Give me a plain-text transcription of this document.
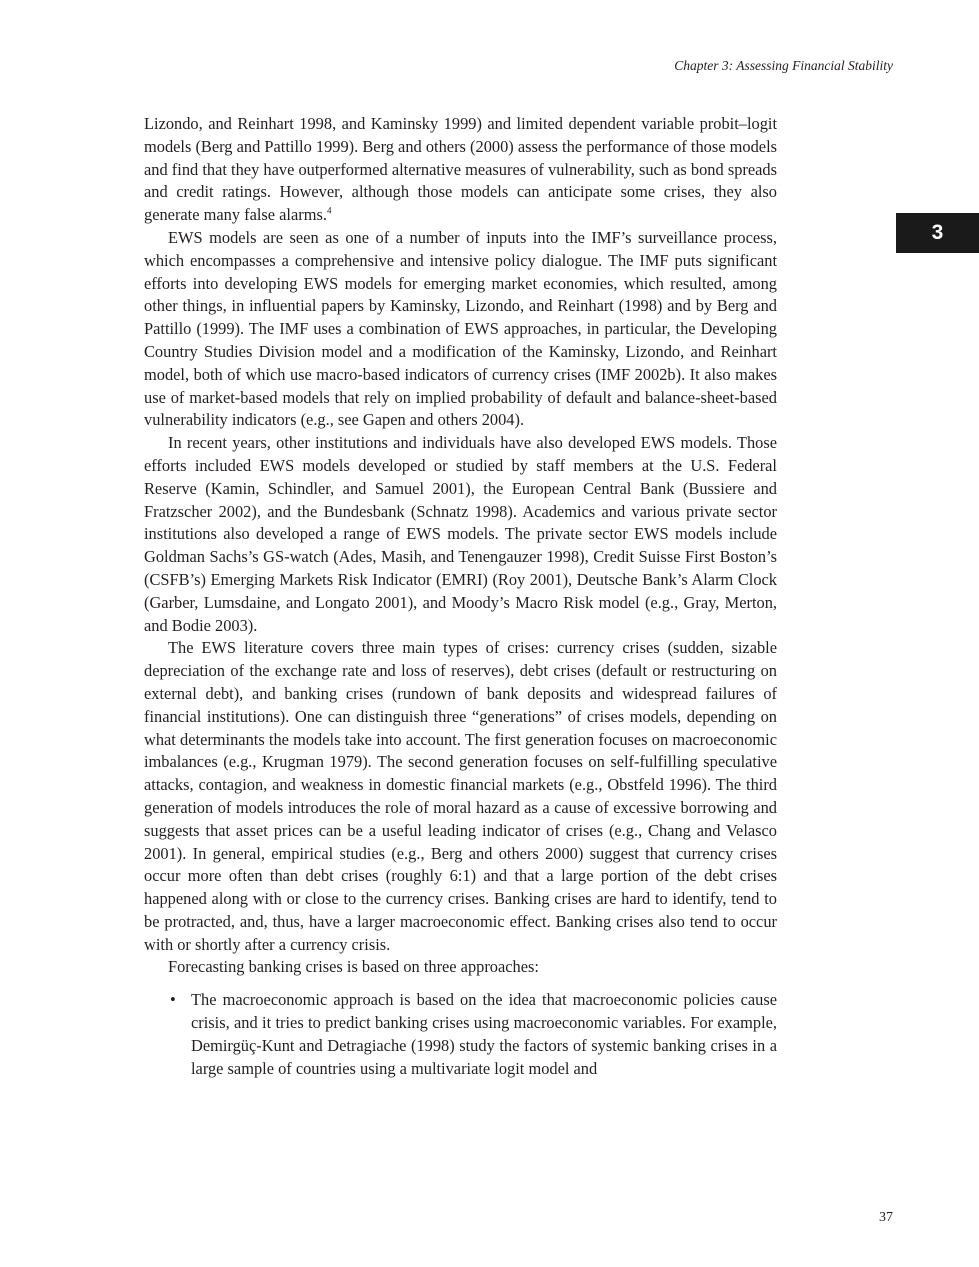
Chapter 3: Assessing Financial Stability
3

Lizondo, and Reinhart 1998, and Kaminsky 1999) and limited dependent variable probit–logit models (Berg and Pattillo 1999). Berg and others (2000) assess the performance of those models and find that they have outperformed alternative measures of vulnerability, such as bond spreads and credit ratings. However, although those models can anticipate some crises, they also generate many false alarms.$^4$

EWS models are seen as one of a number of inputs into the IMF’s surveillance process, which encompasses a comprehensive and intensive policy dialogue. The IMF puts significant efforts into developing EWS models for emerging market economies, which resulted, among other things, in influential papers by Kaminsky, Lizondo, and Reinhart (1998) and by Berg and Pattillo (1999). The IMF uses a combination of EWS approaches, in particular, the Developing Country Studies Division model and a modification of the Kaminsky, Lizondo, and Reinhart model, both of which use macro-based indicators of currency crises (IMF 2002b). It also makes use of market-based models that rely on implied probability of default and balance-sheet-based vulnerability indicators (e.g., see Gapen and others 2004).

In recent years, other institutions and individuals have also developed EWS models. Those efforts included EWS models developed or studied by staff members at the U.S. Federal Reserve (Kamin, Schindler, and Samuel 2001), the European Central Bank (Bussiere and Fratzscher 2002), and the Bundesbank (Schnatz 1998). Academics and various private sector institutions also developed a range of EWS models. The private sector EWS models include Goldman Sachs’s GS-watch (Ades, Masih, and Tenengauzer 1998), Credit Suisse First Boston’s (CSFB’s) Emerging Markets Risk Indicator (EMRI) (Roy 2001), Deutsche Bank’s Alarm Clock (Garber, Lumsdaine, and Longato 2001), and Moody’s Macro Risk model (e.g., Gray, Merton, and Bodie 2003).

The EWS literature covers three main types of crises: currency crises (sudden, sizable depreciation of the exchange rate and loss of reserves), debt crises (default or restructuring on external debt), and banking crises (rundown of bank deposits and widespread failures of financial institutions). One can distinguish three “generations” of crises models, depending on what determinants the models take into account. The first generation focuses on macroeconomic imbalances (e.g., Krugman 1979). The second generation focuses on self-fulfilling speculative attacks, contagion, and weakness in domestic financial markets (e.g., Obstfeld 1996). The third generation of models introduces the role of moral hazard as a cause of excessive borrowing and suggests that asset prices can be a useful leading indicator of crises (e.g., Chang and Velasco 2001). In general, empirical studies (e.g., Berg and others 2000) suggest that currency crises occur more often than debt crises (roughly 6:1) and that a large portion of the debt crises happened along with or close to the currency crises. Banking crises are hard to identify, tend to be protracted, and, thus, have a larger macroeconomic effect. Banking crises also tend to occur with or shortly after a currency crisis.

Forecasting banking crises is based on three approaches:

• The macroeconomic approach is based on the idea that macroeconomic policies cause crisis, and it tries to predict banking crises using macroeconomic variables. For example, Demirgüç-Kunt and Detragiache (1998) study the factors of systemic banking crises in a large sample of countries using a multivariate logit model and
37
